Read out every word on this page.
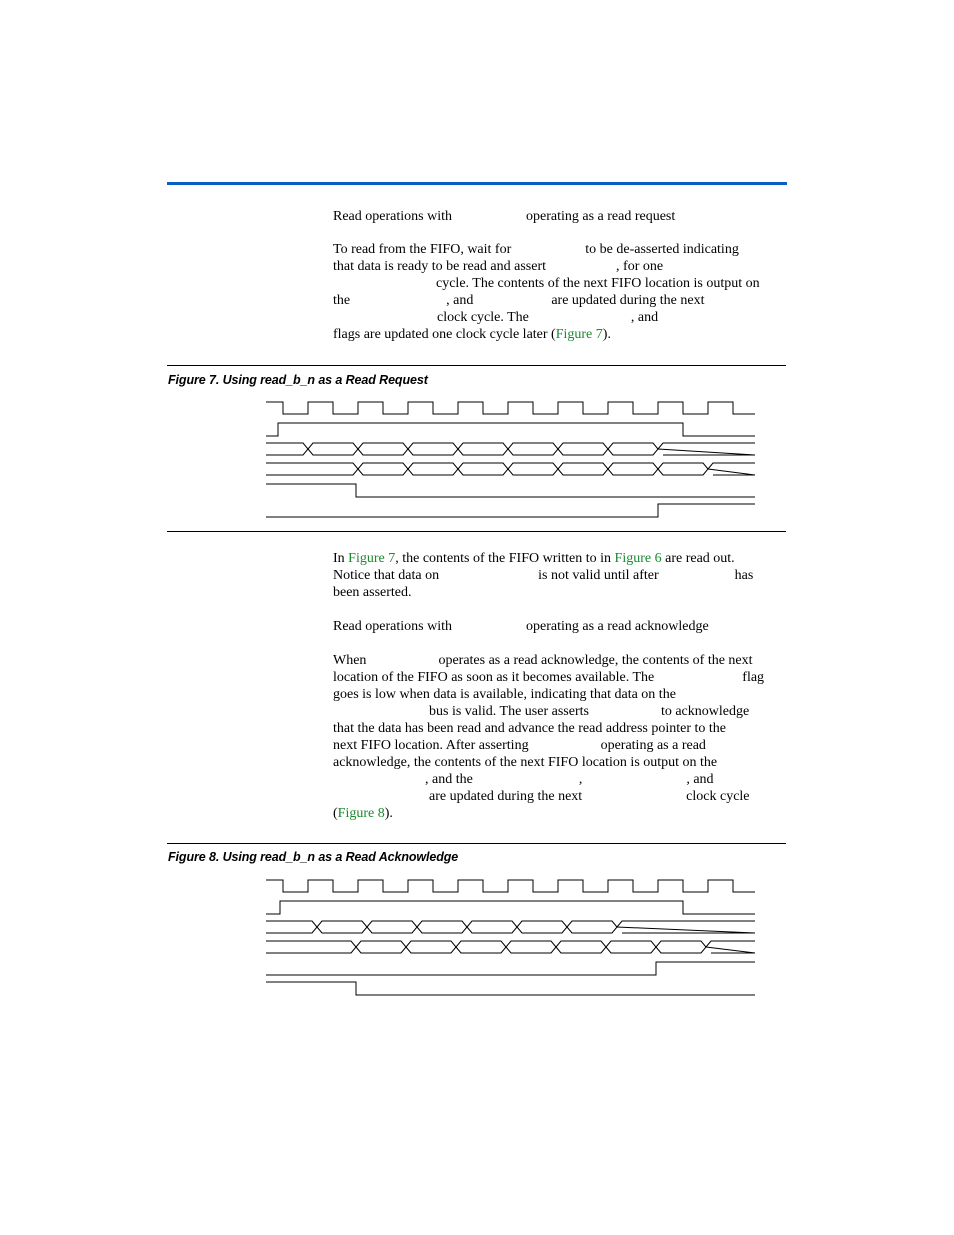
Read operations with	operating as a read request

To read from the FIFO, wait for	to be de-asserted indicating
that data is ready to be read and assert	, for one
cycle. The contents of the next FIFO location is output on
the	, and	are updated during the next
clock cycle. The	, and
flags are updated one clock cycle later (Figure 7).

Figure 7. Using read_b_n as a Read Request

In Figure 7, the contents of the FIFO written to in Figure 6 are read out.
Notice that data on	is not valid until after	has
been asserted.

Read operations with	operating as a read acknowledge

When	operates as a read acknowledge, the contents of the next
location of the FIFO as soon as it becomes available. The	flag
goes is low when data is available, indicating that data on the
bus is valid. The user asserts	to acknowledge
that the data has been read and advance the read address pointer to the
next FIFO location. After asserting	operating as a read
acknowledge, the contents of the next FIFO location is output on the
, and the	,	, and
are updated during the next	clock cycle
(Figure 8).

Figure 8. Using read_b_n as a Read Acknowledge
